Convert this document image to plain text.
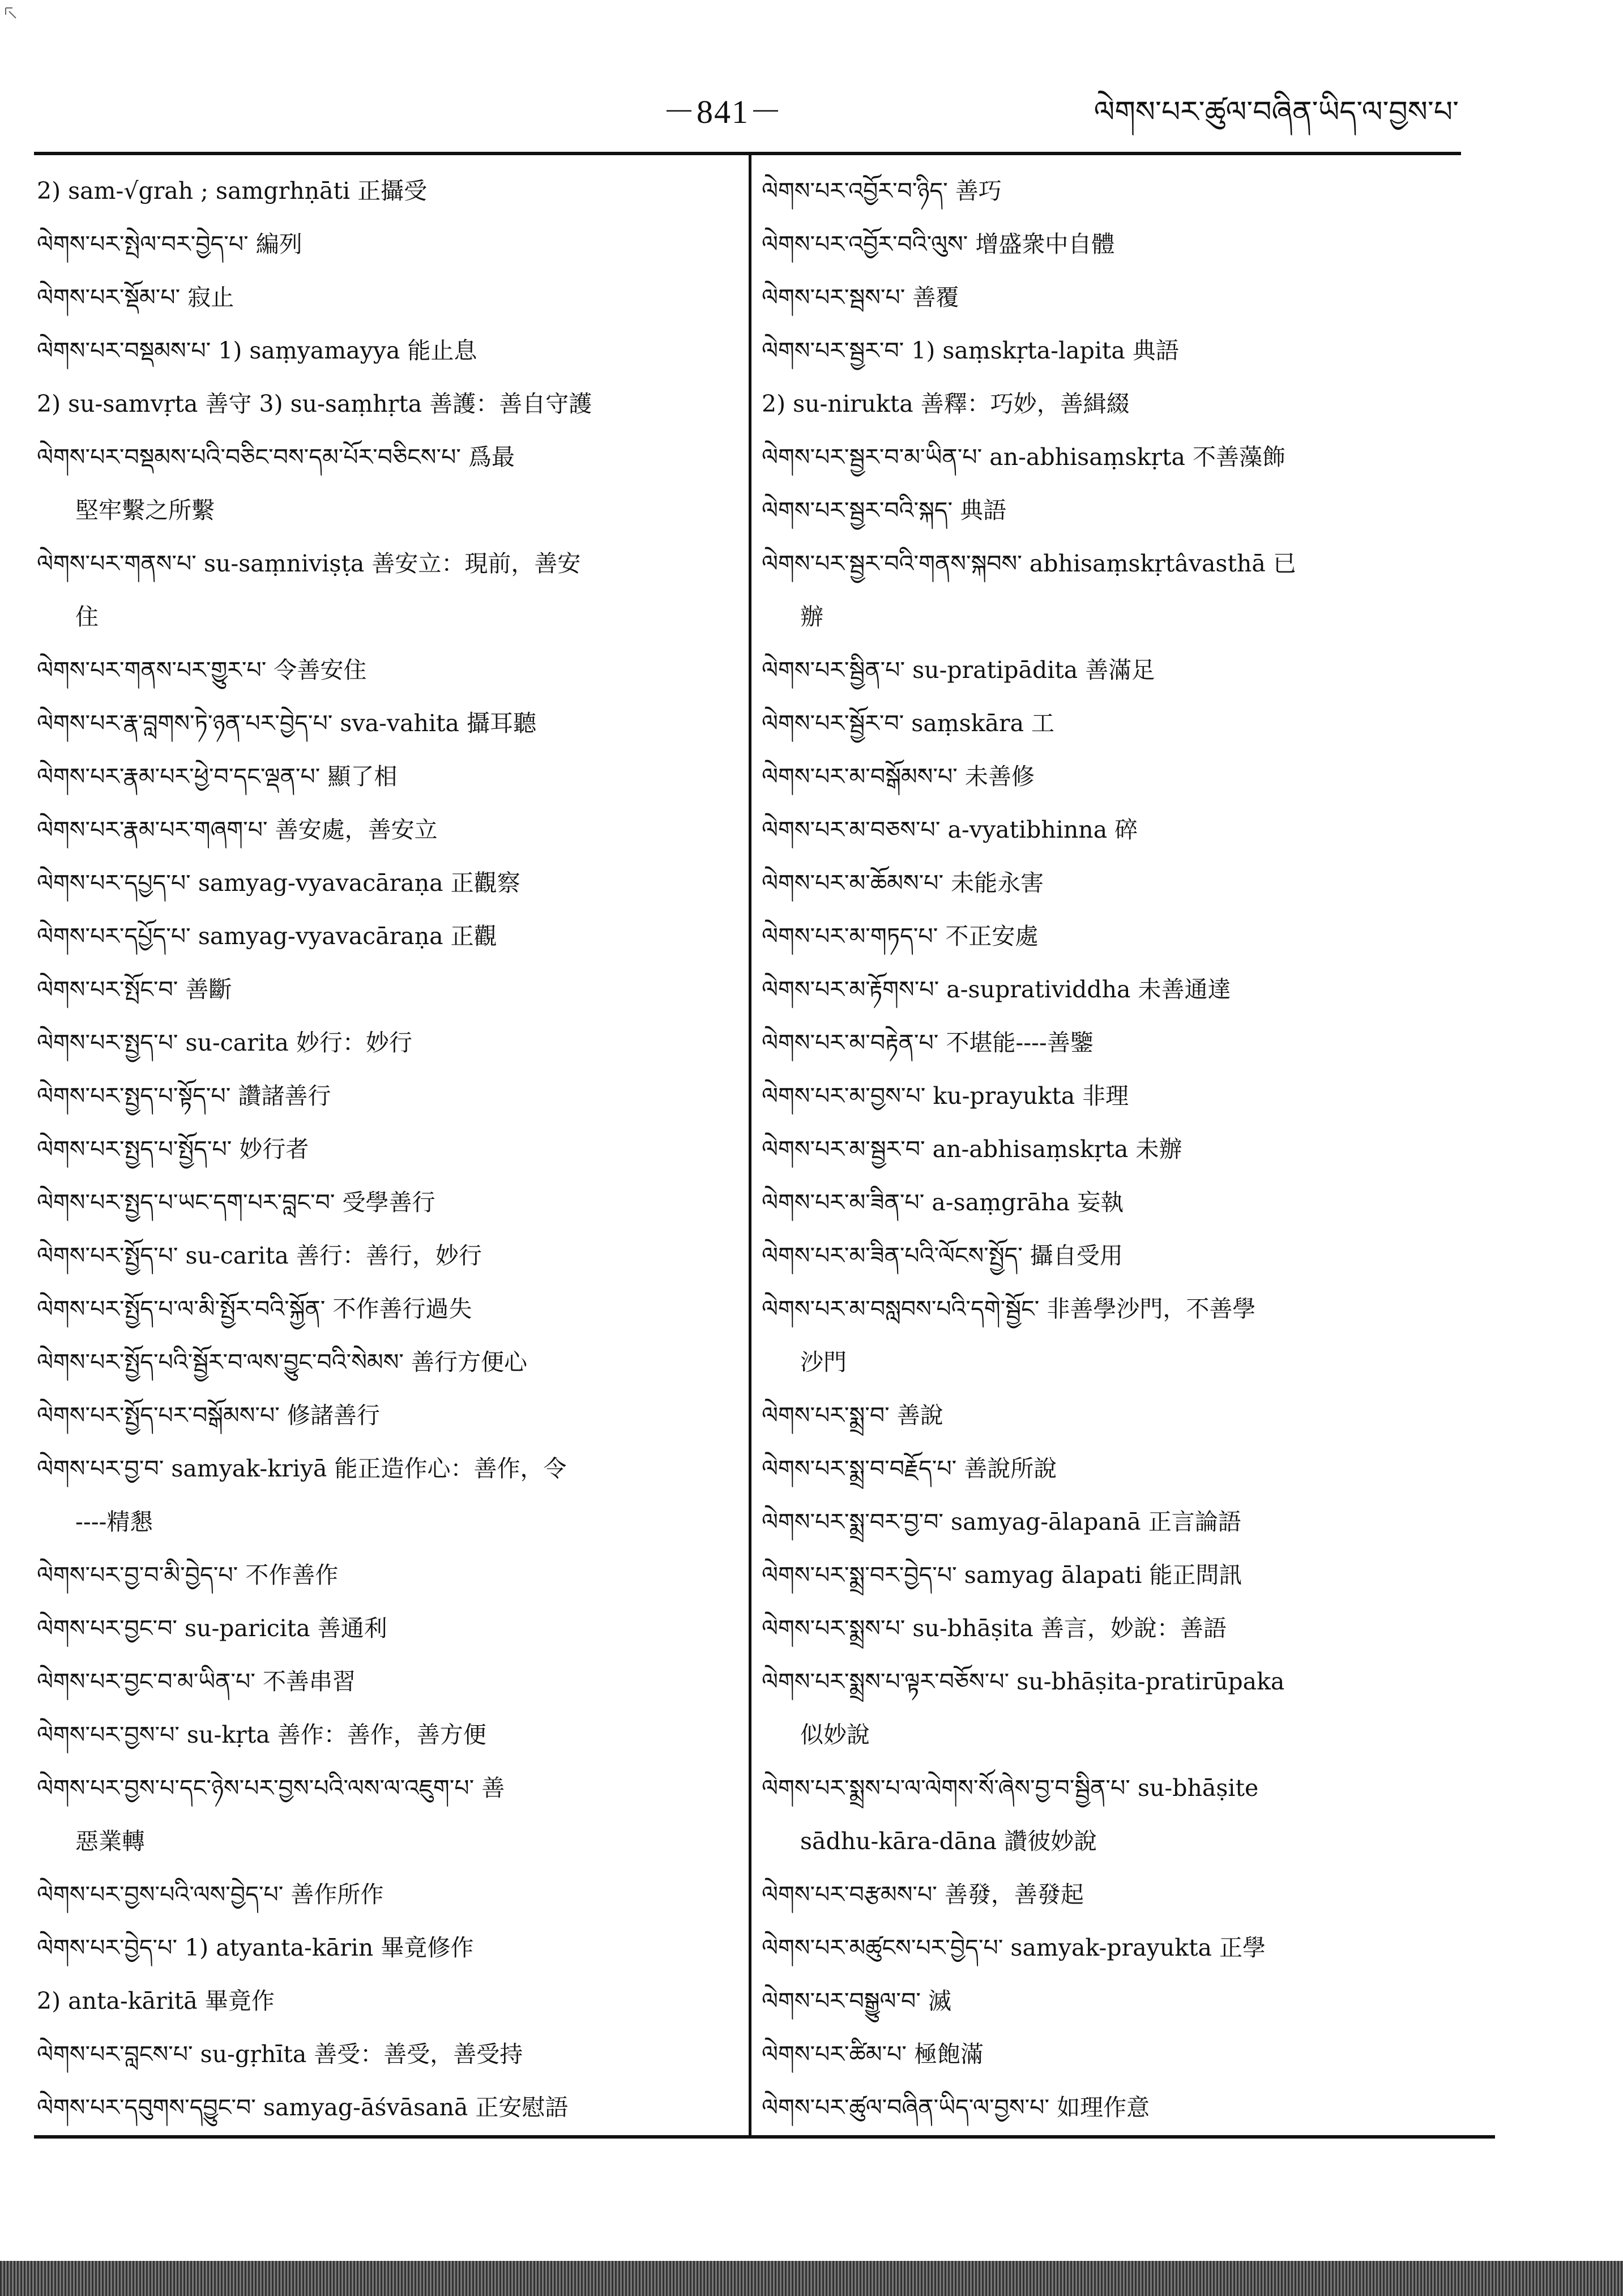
－841－	ལེགས་པར་ཚུལ་བཞིན་ཡིད་ལ་བྱས་པ་
2) sam-√grah ; samgrhṇāti 正攝受
ལེགས་པར་སྤེལ་བར་བྱེད་པ་ 編列
ལེགས་པར་སྡོམ་པ་ 寂止
ལེགས་པར་བསྡམས་པ་ 1) saṃyamayya 能止息
2) su-samvṛta 善守 3) su-saṃhṛta 善護：善自守護
ལེགས་པར་བསྡམས་པའི་བཅིང་བས་དམ་པོར་བཅིངས་པ་ 爲最
堅牢繫之所繫
ལེགས་པར་གནས་པ་ su-saṃniviṣṭa 善安立：現前，善安
住
ལེགས་པར་གནས་པར་གྱུར་པ་ 令善安住
ལེགས་པར་རྣ་བླགས་ཏེ་ཉན་པར་བྱེད་པ་ sva-vahita 攝耳聽
ལེགས་པར་རྣམ་པར་ཕྱེ་བ་དང་ལྡན་པ་ 顯了相
ལེགས་པར་རྣམ་པར་གཞག་པ་ 善安處，善安立
ལེགས་པར་དཔྱད་པ་ samyag-vyavacāraṇa 正觀察
ལེགས་པར་དཔྱོད་པ་ samyag-vyavacāraṇa 正觀
ལེགས་པར་སྤོང་བ་ 善斷
ལེགས་པར་སྤྱད་པ་ su-carita 妙行：妙行
ལེགས་པར་སྤྱད་པ་སྟོད་པ་ 讚諸善行
ལེགས་པར་སྤྱད་པ་སྤྱོད་པ་ 妙行者
ལེགས་པར་སྤྱད་པ་ཡང་དག་པར་བླང་བ་ 受學善行
ལེགས་པར་སྤྱོད་པ་ su-carita 善行：善行，妙行
ལེགས་པར་སྤྱོད་པ་ལ་མི་སྤྱོར་བའི་སྐྱོན་ 不作善行過失
ལེགས་པར་སྤྱོད་པའི་སྦྱོར་བ་ལས་བྱུང་བའི་སེམས་ 善行方便心
ལེགས་པར་སྤྱོད་པར་བསྒོམས་པ་ 修諸善行
ལེགས་པར་བྱ་བ་ samyak-kriyā 能正造作心：善作，令
----精懇
ལེགས་པར་བྱ་བ་མི་བྱེད་པ་ 不作善作
ལེགས་པར་བྱང་བ་ su-paricita 善通利
ལེགས་པར་བྱང་བ་མ་ཡིན་པ་ 不善串習
ལེགས་པར་བྱས་པ་ su-kṛta 善作：善作，善方便
ལེགས་པར་བྱས་པ་དང་ཉེས་པར་བྱས་པའི་ལས་ལ་འཇུག་པ་ 善
惡業轉
ལེགས་པར་བྱས་པའི་ལས་བྱེད་པ་ 善作所作
ལེགས་པར་བྱེད་པ་ 1) atyanta-kārin 畢竟修作
2) anta-kāritā 畢竟作
ལེགས་པར་བླངས་པ་ su-gṛhīta 善受：善受，善受持
ལེགས་པར་དབུགས་དབྱུང་བ་ samyag-āśvāsanā 正安慰語
ལེགས་པར་འབྱོར་བ་ཉིད་ 善巧
ལེགས་པར་འབྱོར་བའི་ལུས་ 增盛衆中自體
ལེགས་པར་སྦས་པ་ 善覆
ལེགས་པར་སྦྱར་བ་ 1) saṃskṛta-lapita 典語
2) su-nirukta 善釋：巧妙，善緝綴
ལེགས་པར་སྦྱར་བ་མ་ཡིན་པ་ an-abhisaṃskṛta 不善藻飾
ལེགས་པར་སྦྱར་བའི་སྐད་ 典語
ལེགས་པར་སྦྱར་བའི་གནས་སྐབས་ abhisaṃskṛtâvasthā 已
辦
ལེགས་པར་སྦྱིན་པ་ su-pratipādita 善滿足
ལེགས་པར་སྦྱོར་བ་ saṃskāra 工
ལེགས་པར་མ་བསྒོམས་པ་ 未善修
ལེགས་པར་མ་བཅས་པ་ a-vyatibhinna 碎
ལེགས་པར་མ་ཆོམས་པ་ 未能永害
ལེགས་པར་མ་གཏད་པ་ 不正安處
ལེགས་པར་མ་རྟོགས་པ་ a-supratividdha 未善通達
ལེགས་པར་མ་བརྟེན་པ་ 不堪能----善鑒
ལེགས་པར་མ་བྱས་པ་ ku-prayukta 非理
ལེགས་པར་མ་སྦྱར་བ་ an-abhisaṃskṛta 未辦
ལེགས་པར་མ་ཟིན་པ་ a-saṃgrāha 妄執
ལེགས་པར་མ་ཟིན་པའི་ལོངས་སྤྱོད་ 攝自受用
ལེགས་པར་མ་བསླབས་པའི་དགེ་སྦྱོང་ 非善學沙門，不善學
沙門
ལེགས་པར་སྨྲ་བ་ 善說
ལེགས་པར་སྨྲ་བ་བརྗོད་པ་ 善說所說
ལེགས་པར་སྨྲ་བར་བྱ་བ་ samyag-ālapanā 正言論語
ལེགས་པར་སྨྲ་བར་བྱེད་པ་ samyag ālapati 能正問訊
ལེགས་པར་སྨྲས་པ་ su-bhāṣita 善言，妙說：善語
ལེགས་པར་སྨྲས་པ་ལྟར་བཅོས་པ་ su-bhāṣita-pratirūpaka
似妙說
ལེགས་པར་སྨྲས་པ་ལ་ལེགས་སོ་ཞེས་བྱ་བ་སྦྱིན་པ་ su-bhāṣite
sādhu-kāra-dāna 讚彼妙說
ལེགས་པར་བརྩམས་པ་ 善發，善發起
ལེགས་པར་མཚུངས་པར་བྱེད་པ་ samyak-prayukta 正學
ལེགས་པར་བསྒྱུལ་བ་ 滅
ལེགས་པར་ཚིམ་པ་ 極飽滿
ལེགས་པར་ཚུལ་བཞིན་ཡིད་ལ་བྱས་པ་ 如理作意
